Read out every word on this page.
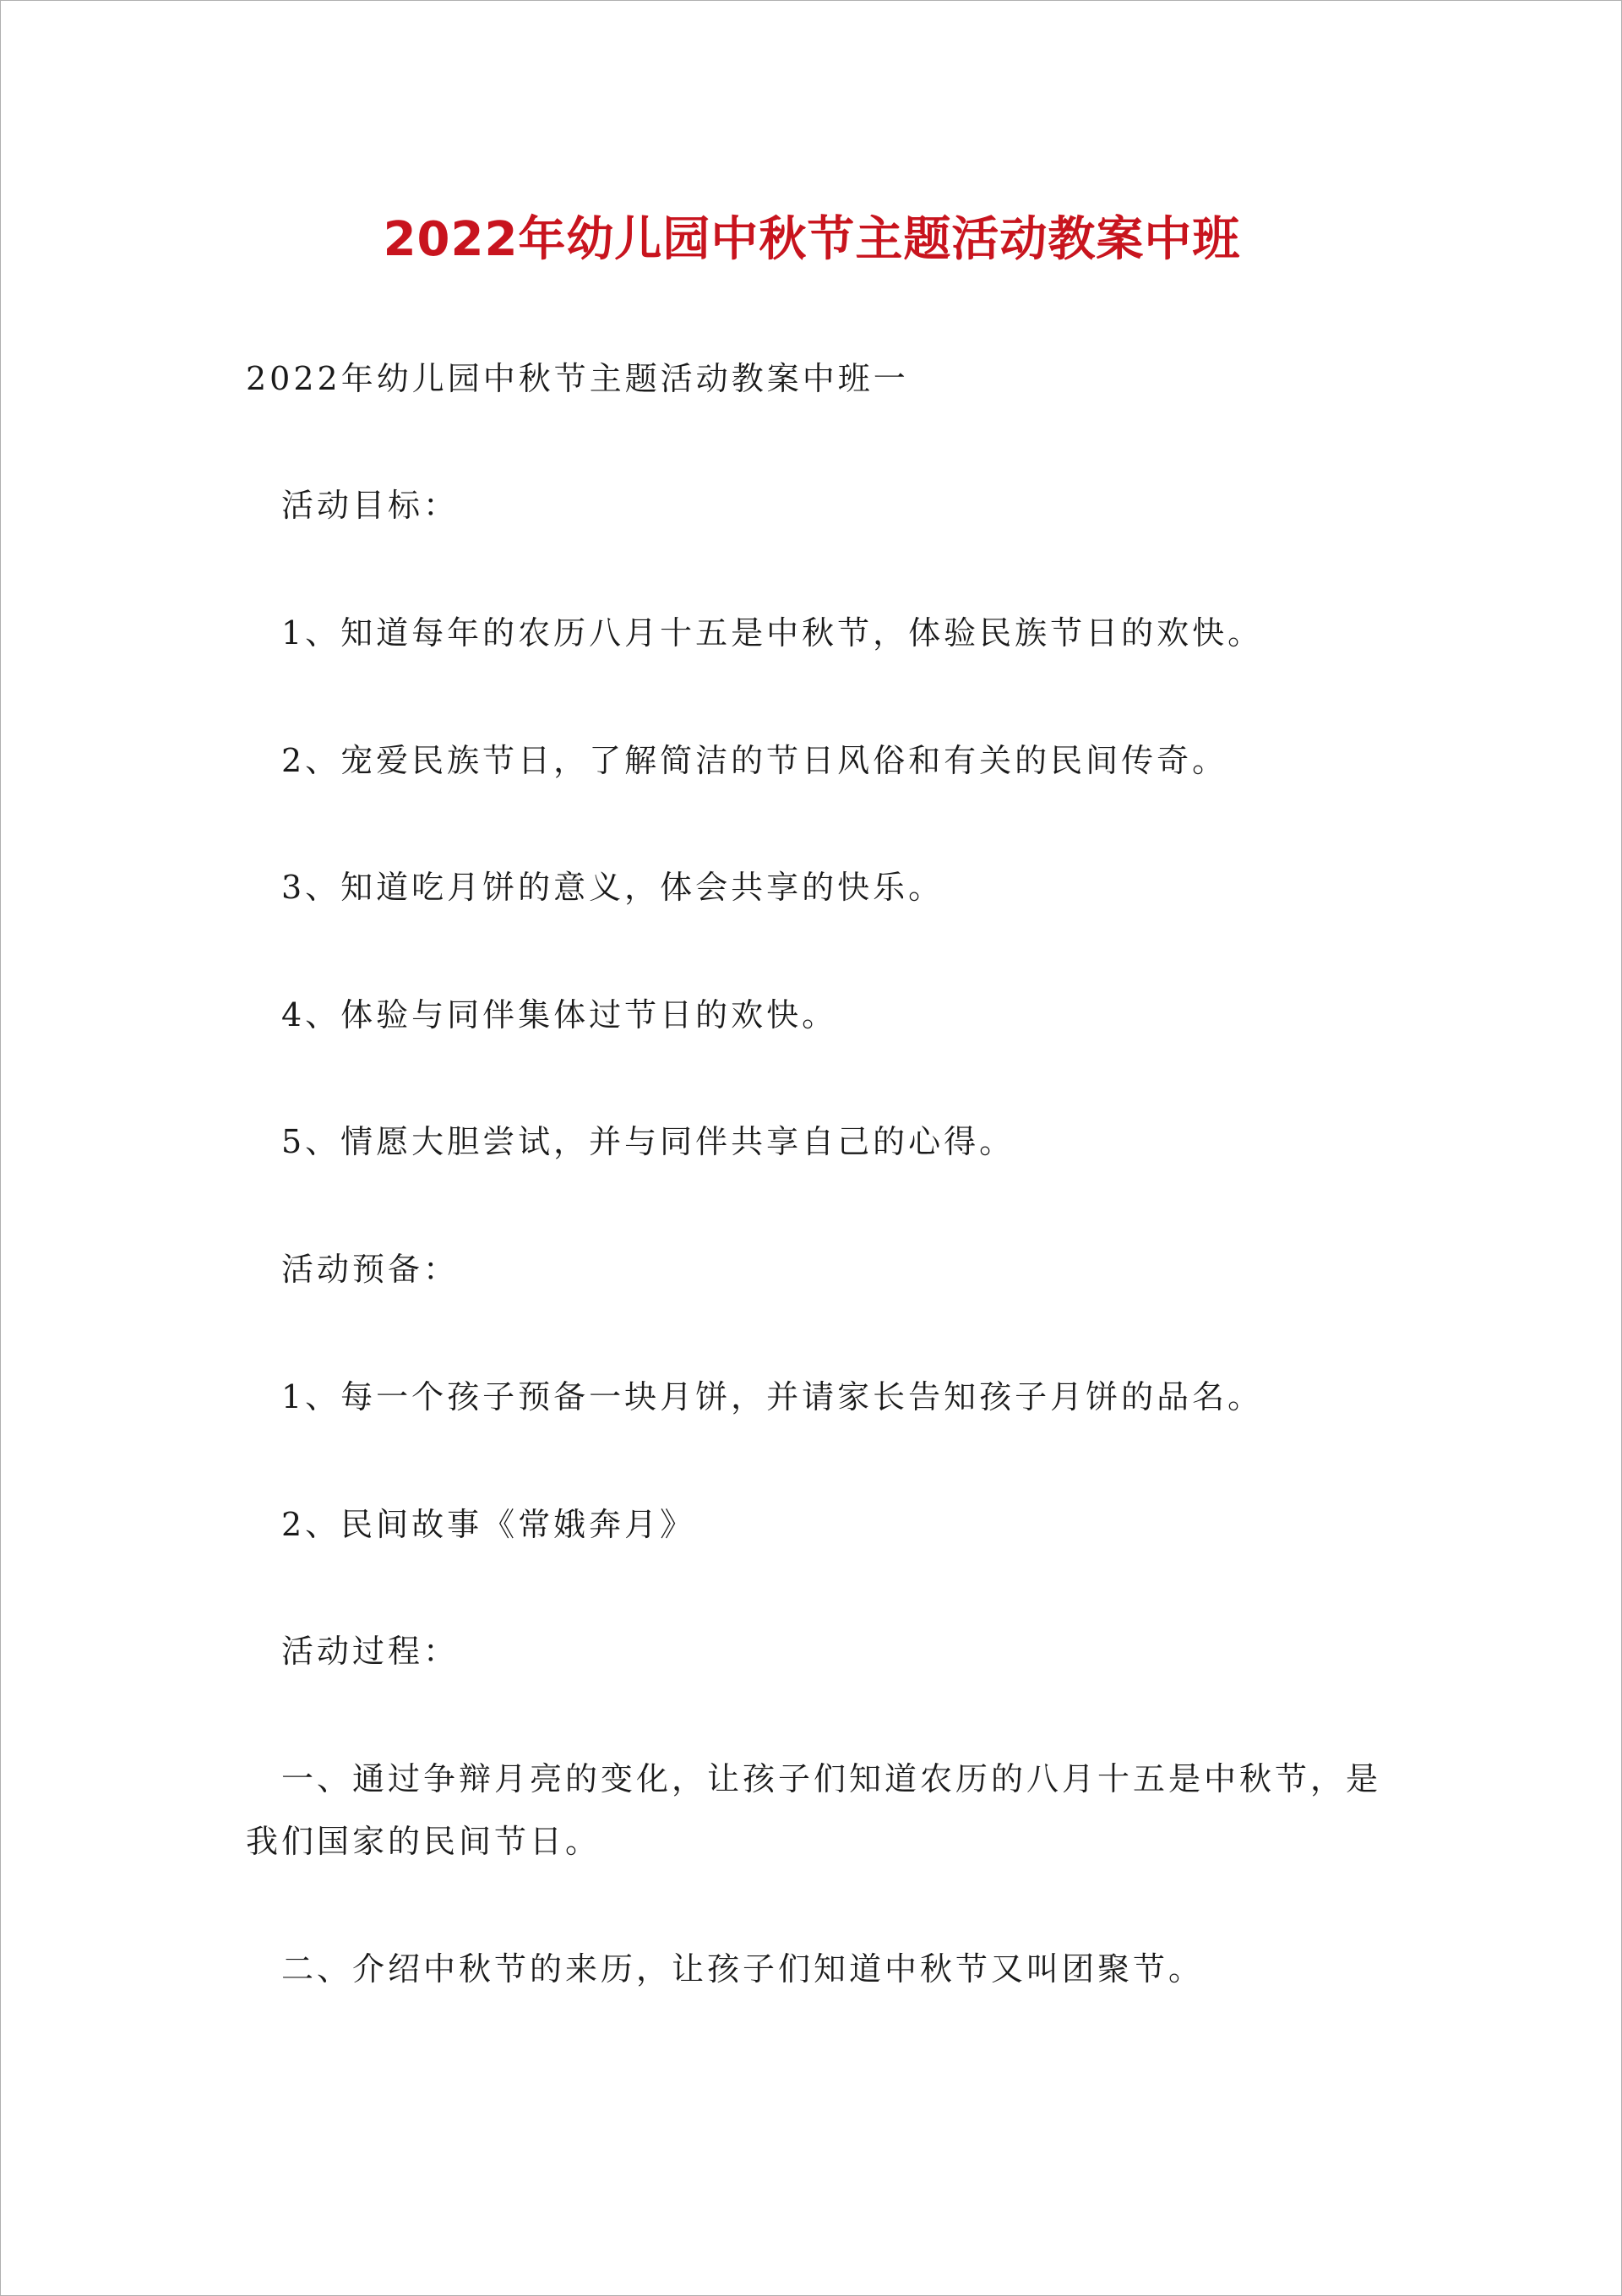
2022年幼儿园中秋节主题活动教案中班

2022年幼儿园中秋节主题活动教案中班一

活动目标：

1、知道每年的农历八月十五是中秋节，体验民族节日的欢快。

2、宠爱民族节日，了解简洁的节日风俗和有关的民间传奇。

3、知道吃月饼的意义，体会共享的快乐。

4、体验与同伴集体过节日的欢快。

5、情愿大胆尝试，并与同伴共享自己的心得。

活动预备：

1、每一个孩子预备一块月饼，并请家长告知孩子月饼的品名。

2、民间故事《常娥奔月》

活动过程：

一、通过争辩月亮的变化，让孩子们知道农历的八月十五是中秋节，是我们国家的民间节日。

二、介绍中秋节的来历，让孩子们知道中秋节又叫团聚节。
